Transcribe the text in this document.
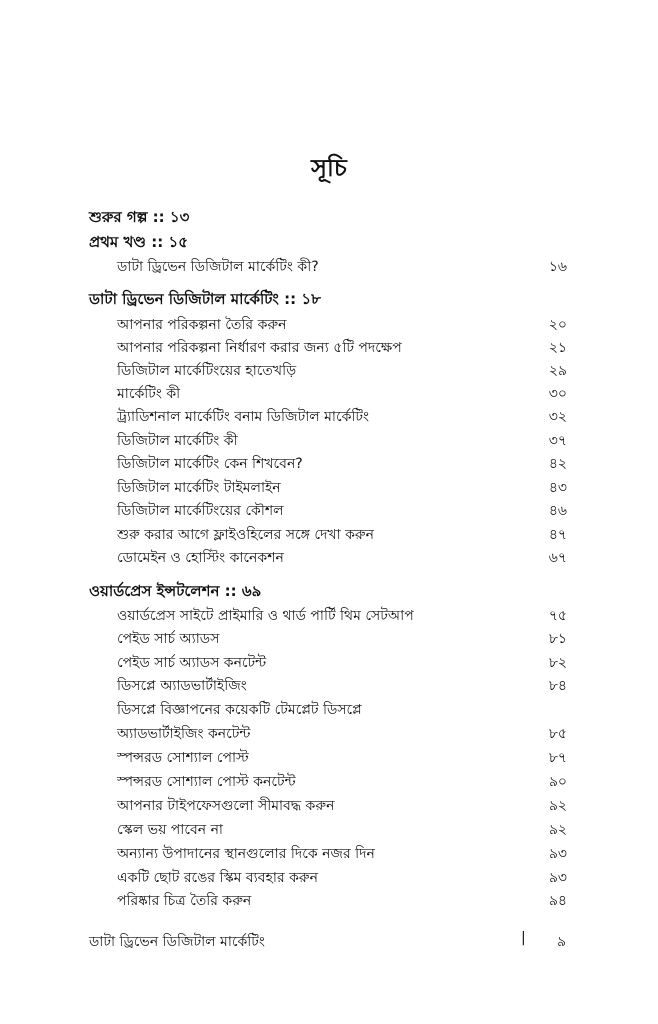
সূচি
শুরুর গল্প :: ১৩
প্রথম খণ্ড :: ১৫
ডাটা ড্রিভেন ডিজিটাল মার্কেটিং কী?	১৬
ডাটা ড্রিভেন ডিজিটাল মার্কেটিং :: ১৮
আপনার পরিকল্পনা তৈরি করুন	২০
আপনার পরিকল্পনা নির্ধারণ করার জন্য ৫টি পদক্ষেপ	২১
ডিজিটাল মার্কেটিংয়ের হাতেখড়ি	২৯
মার্কেটিং কী	৩০
ট্র্যাডিশনাল মার্কেটিং বনাম ডিজিটাল মার্কেটিং	৩২
ডিজিটাল মার্কেটিং কী	৩৭
ডিজিটাল মার্কেটিং কেন শিখবেন?	৪২
ডিজিটাল মার্কেটিং টাইমলাইন	৪৩
ডিজিটাল মার্কেটিংয়ের কৌশল	৪৬
শুরু করার আগে ফ্লাইওহিলের সঙ্গে দেখা করুন	৪৭
ডোমেইন ও হোস্টিং কানেকশন	৬৭
ওয়ার্ডপ্রেস ইন্সটলেশন :: ৬৯
ওয়ার্ডপ্রেস সাইটে প্রাইমারি ও থার্ড পার্টি থিম সেটআপ	৭৫
পেইড সার্চ অ্যাডস	৮১
পেইড সার্চ অ্যাডস কনটেন্ট	৮২
ডিসপ্লে অ্যাডভার্টাইজিং	৮৪
ডিসপ্লে বিজ্ঞাপনের কয়েকটি টেমপ্লেট ডিসপ্লে
অ্যাডভার্টাইজিং কনটেন্ট	৮৫
স্পন্সরড সোশ্যাল পোস্ট	৮৭
স্পন্সরড সোশ্যাল পোস্ট কনটেন্ট	৯০
আপনার টাইপফেসগুলো সীমাবদ্ধ করুন	৯২
স্কেল ভয় পাবেন না	৯২
অন্যান্য উপাদানের স্থানগুলোর দিকে নজর দিন	৯৩
একটি ছোট রঙের স্কিম ব্যবহার করুন	৯৩
পরিষ্কার চিত্র তৈরি করুন	৯৪
ডাটা ড্রিভেন ডিজিটাল মার্কেটিং	| ৯
